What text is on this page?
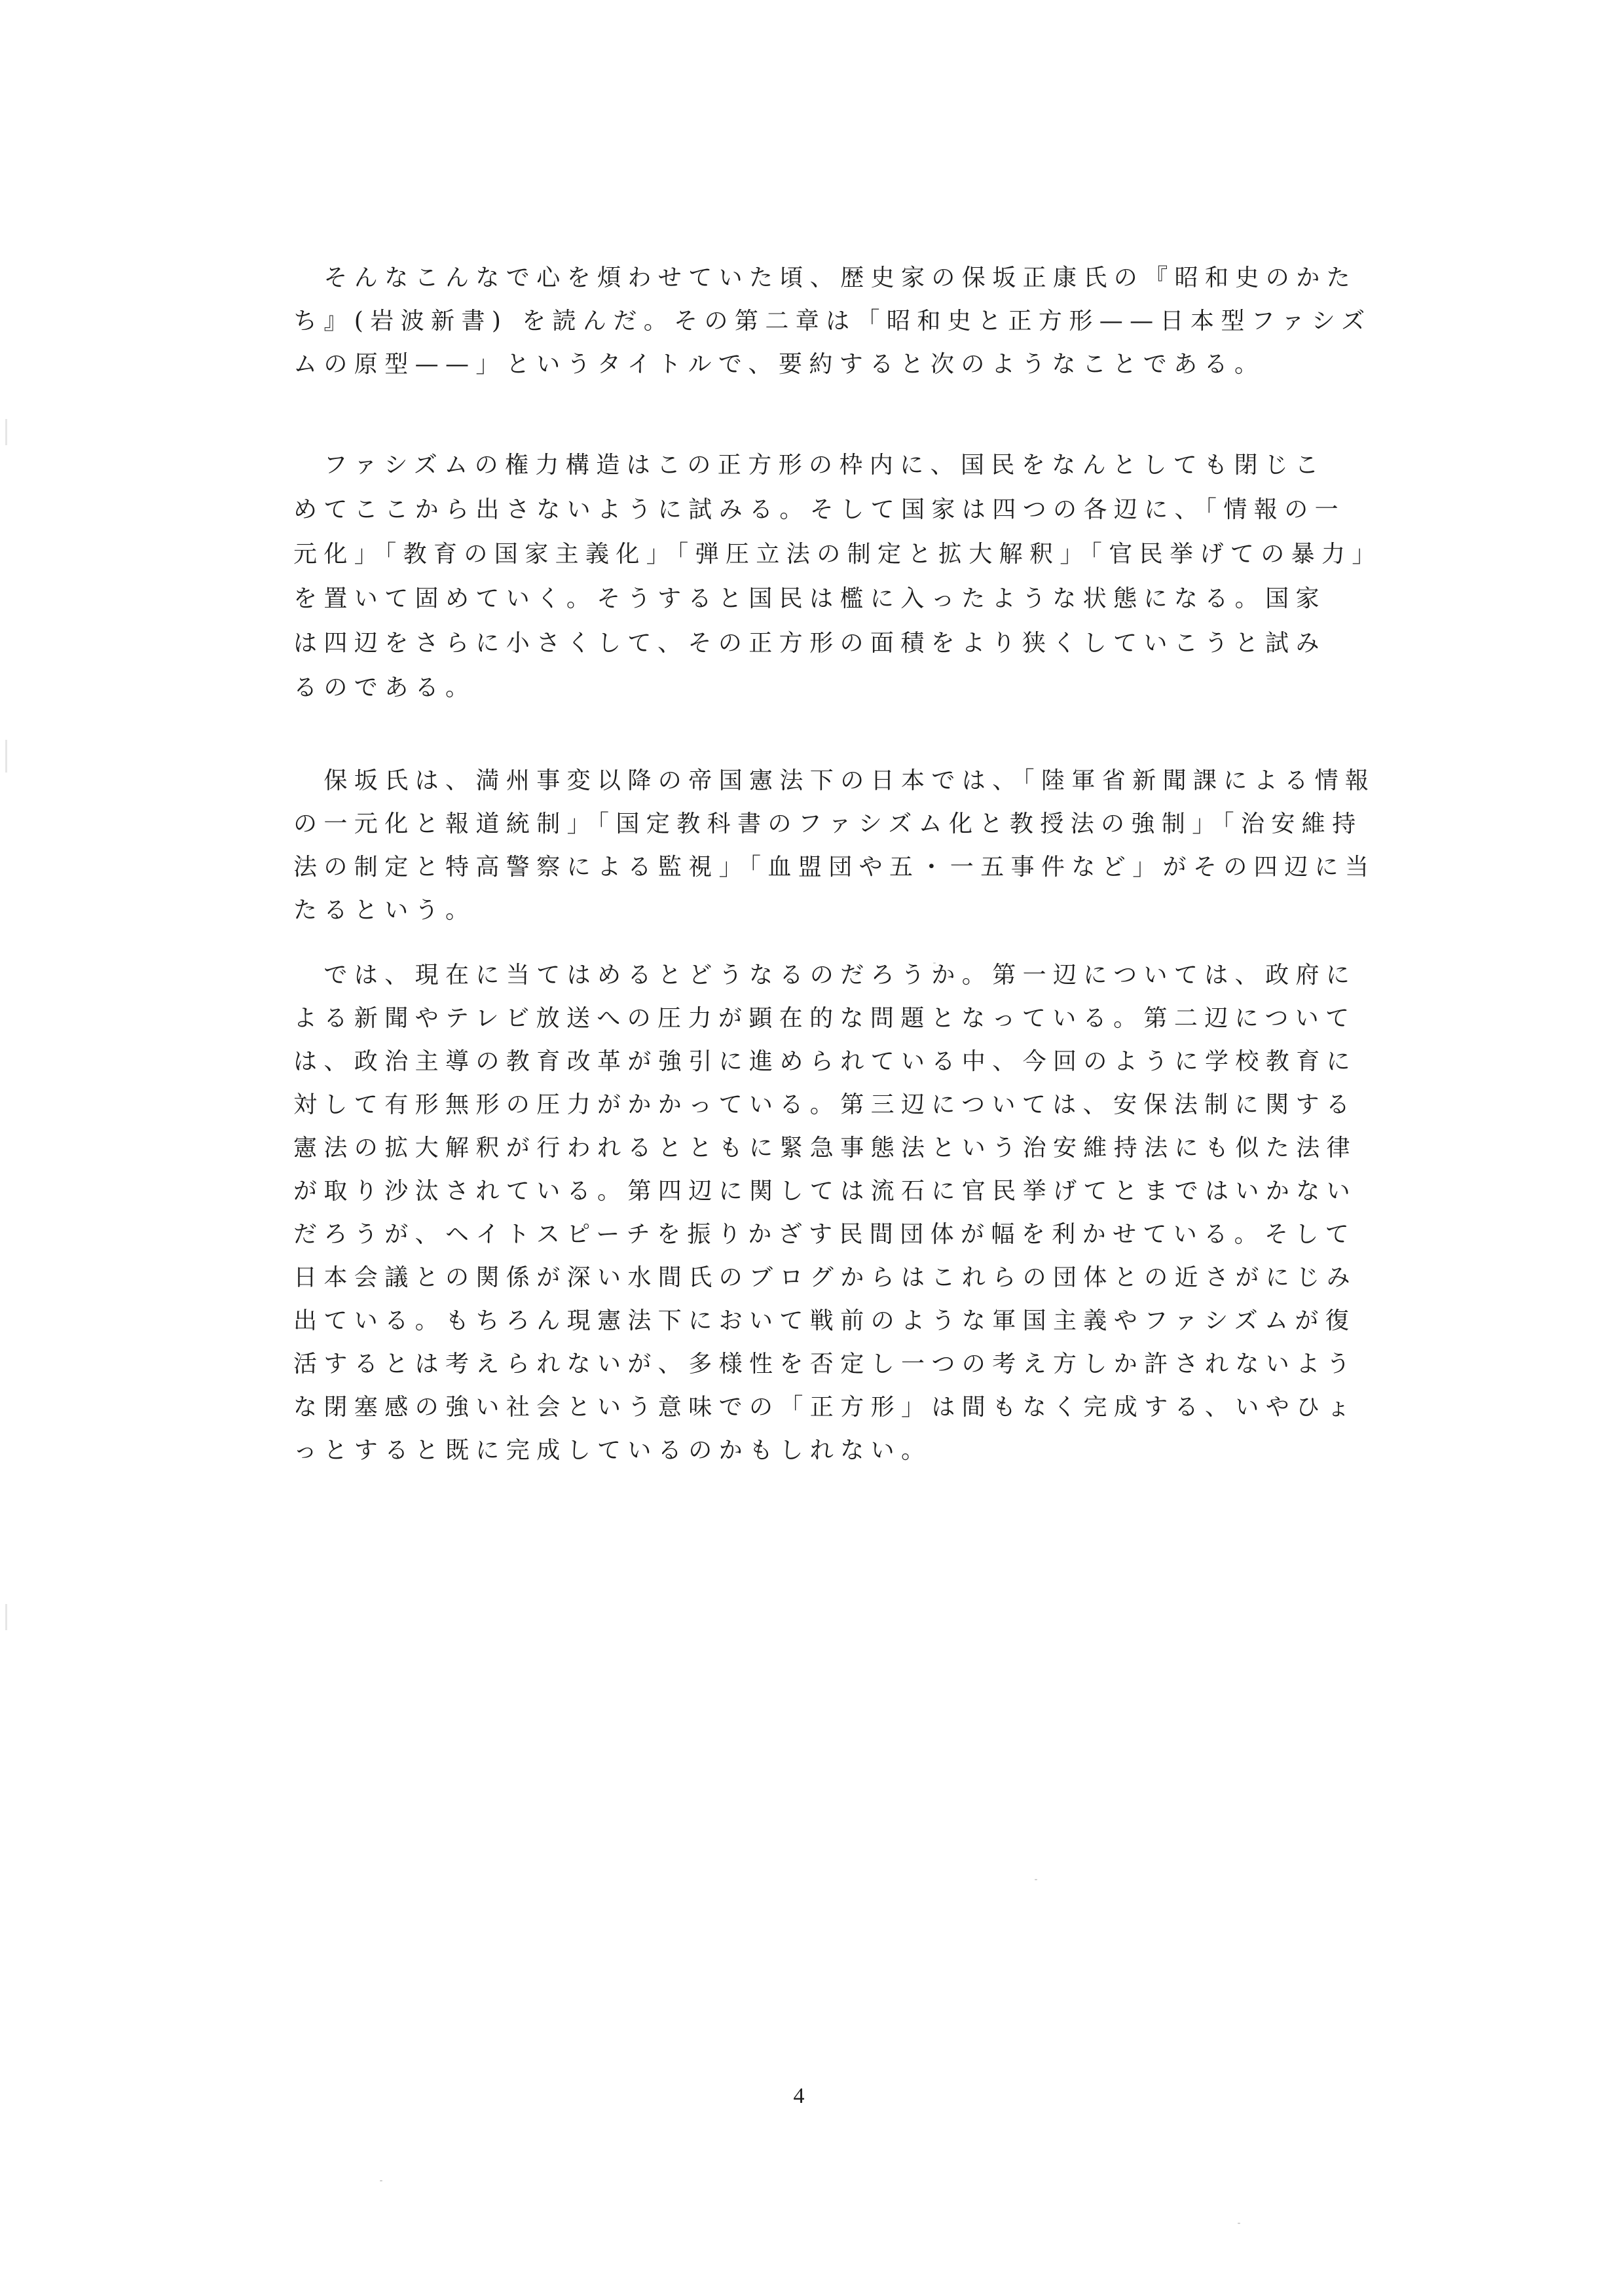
　そんなこんなで心を煩わせていた頃、歴史家の保坂正康氏の『昭和史のかた
ち』(岩波新書) を読んだ。その第二章は「昭和史と正方形——日本型ファシズ
ムの原型——」というタイトルで、要約すると次のようなことである。

　ファシズムの権力構造はこの正方形の枠内に、国民をなんとしても閉じこ
めてここから出さないように試みる。そして国家は四つの各辺に、「情報の一
元化」「教育の国家主義化」「弾圧立法の制定と拡大解釈」「官民挙げての暴力」
を置いて固めていく。そうすると国民は檻に入ったような状態になる。国家
は四辺をさらに小さくして、その正方形の面積をより狭くしていこうと試み
るのである。

　保坂氏は、満州事変以降の帝国憲法下の日本では、「陸軍省新聞課による情報
の一元化と報道統制」「国定教科書のファシズム化と教授法の強制」「治安維持
法の制定と特高警察による監視」「血盟団や五・一五事件など」がその四辺に当
たるという。

　では、現在に当てはめるとどうなるのだろうか。第一辺については、政府に
よる新聞やテレビ放送への圧力が顕在的な問題となっている。第二辺について
は、政治主導の教育改革が強引に進められている中、今回のように学校教育に
対して有形無形の圧力がかかっている。第三辺については、安保法制に関する
憲法の拡大解釈が行われるとともに緊急事態法という治安維持法にも似た法律
が取り沙汰されている。第四辺に関しては流石に官民挙げてとまではいかない
だろうが、ヘイトスピーチを振りかざす民間団体が幅を利かせている。そして
日本会議との関係が深い水間氏のブログからはこれらの団体との近さがにじみ
出ている。もちろん現憲法下において戦前のような軍国主義やファシズムが復
活するとは考えられないが、多様性を否定し一つの考え方しか許されないよう
な閉塞感の強い社会という意味での「正方形」は間もなく完成する、いやひょ
っとすると既に完成しているのかもしれない。

4
